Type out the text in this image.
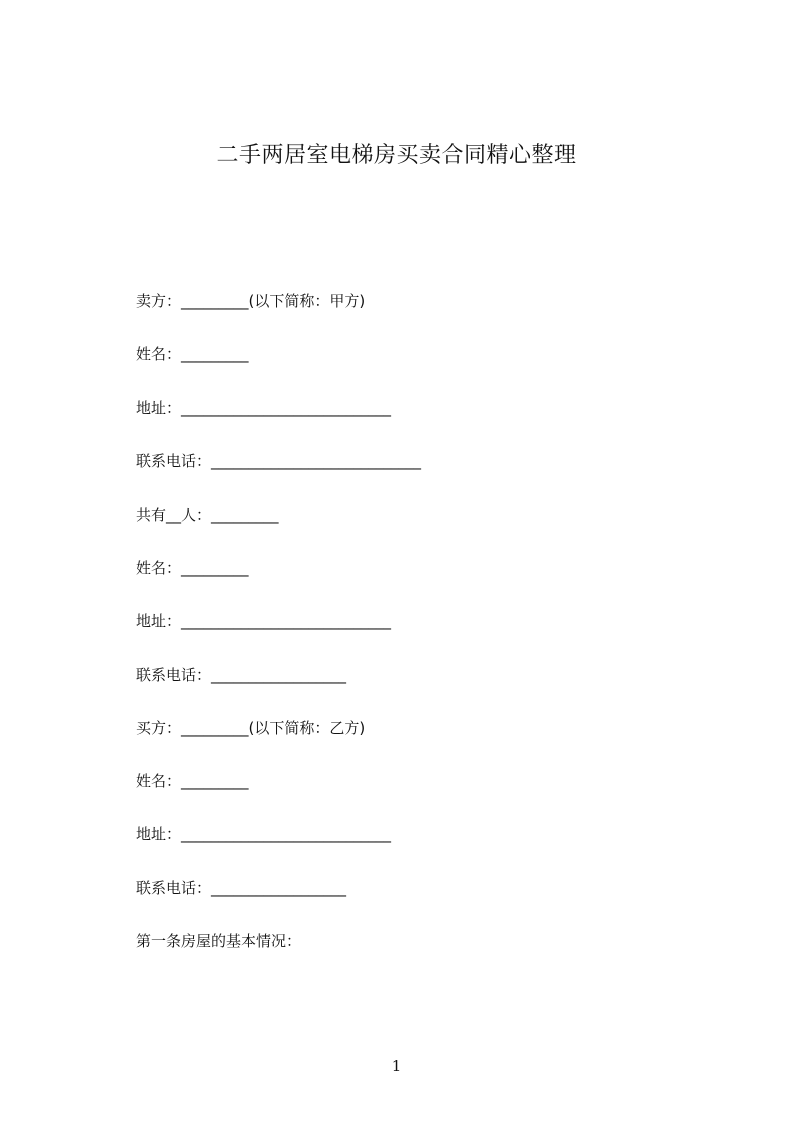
二手两居室电梯房买卖合同精心整理
卖方：_________(以下简称：甲方)
姓名：_________
地址：____________________________
联系电话：____________________________
共有__人：_________
姓名：_________
地址：____________________________
联系电话：__________________
买方：_________(以下简称：乙方)
姓名：_________
地址：____________________________
联系电话：__________________
第一条房屋的基本情况：
1
